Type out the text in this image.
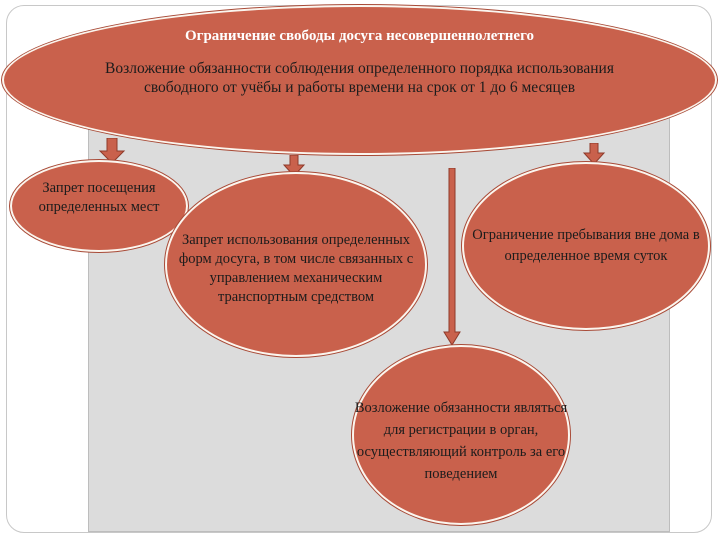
Ограничение свободы досуга несовершеннолетнего
Возложение обязанности соблюдения определенного порядка использования свободного от учёбы и работы времени на срок от 1 до 6 месяцев
Запрет посещения определенных мест
Запрет использования определенных форм досуга, в том числе связанных с управлением механическим транспортным средством
Ограничение пребывания вне дома в определенное время суток
Возложение обязанности являться для регистрации в орган, осуществляющий контроль за его поведением
